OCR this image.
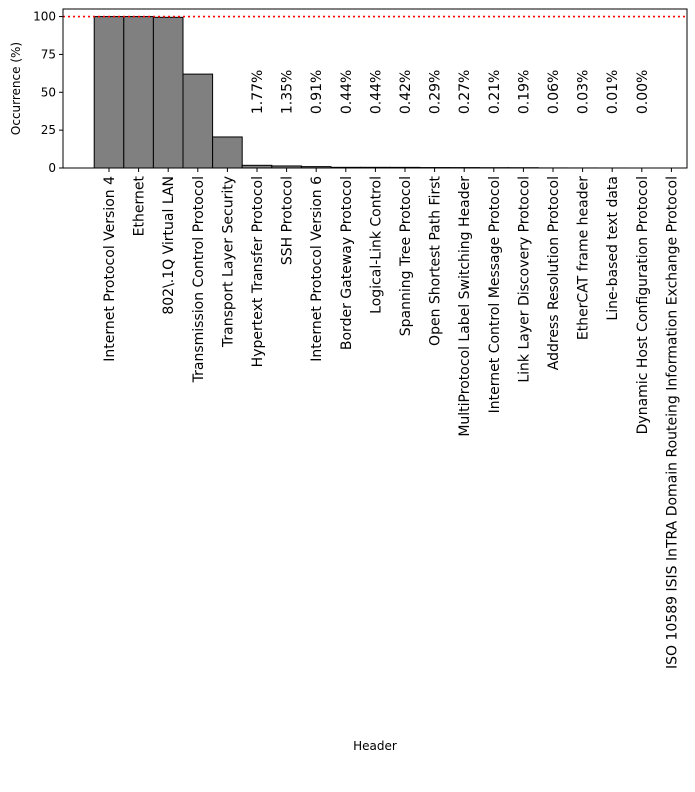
1.77% 1.35% 0.91% 0.44% 0.44% 0.42% 0.29% 0.27% 0.21% 0.19% 0.06% 0.03% 0.01% 0.00%
0
25
50
75
100
Internet Protocol Version 4 Ethernet 802\.1Q Virtual LAN Transmission Control Protocol Transport Layer Security Hypertext Transfer Protocol SSH Protocol Internet Protocol Version 6 Border Gateway Protocol Logical-Link Control Spanning Tree Protocol Open Shortest Path First MultiProtocol Label Switching Header Internet Control Message Protocol Link Layer Discovery Protocol Address Resolution Protocol EtherCAT frame header Line-based text data Dynamic Host Configuration Protocol ISO 10589 ISIS InTRA Domain Routeing Information Exchange Protocol
Occurrence (%)
Header
